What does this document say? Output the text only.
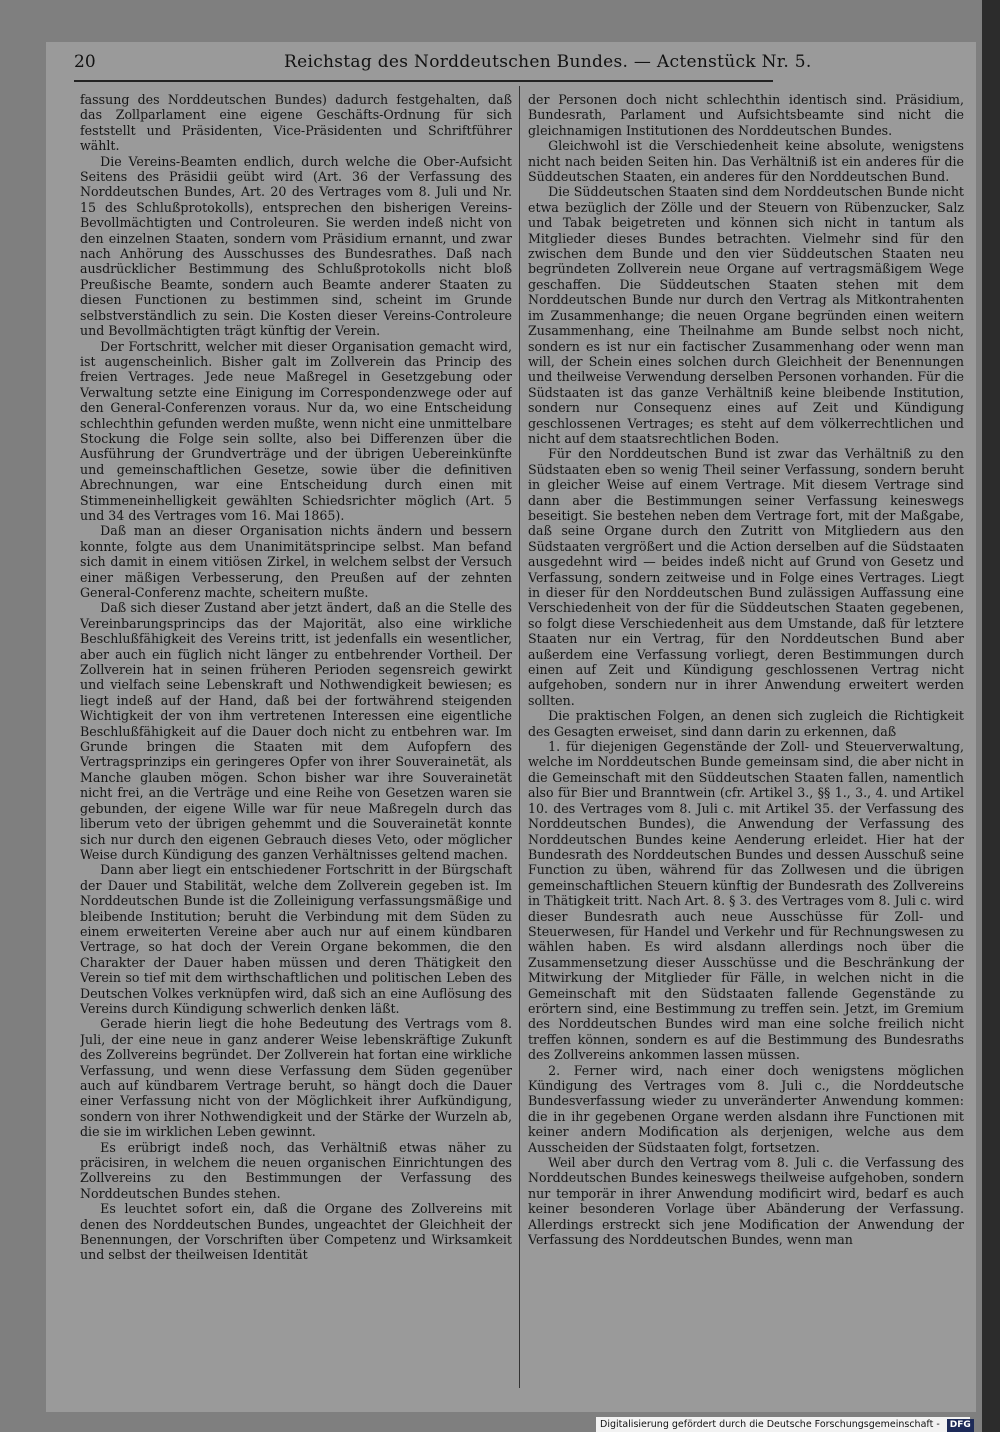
20	Reichstag des Norddeutschen Bundes. — Actenstück Nr. 5.

fassung des Norddeutschen Bundes) dadurch festgehalten, daß das Zollparlament eine eigene Geschäfts-Ordnung für sich feststellt und Präsidenten, Vice-Präsidenten und Schriftführer wählt.

Die Vereins-Beamten endlich, durch welche die Ober-Aufsicht Seitens des Präsidii geübt wird (Art. 36 der Verfassung des Norddeutschen Bundes, Art. 20 des Vertrages vom 8. Juli und Nr. 15 des Schlußprotokolls), entsprechen den bisherigen Vereins-Bevollmächtigten und Controleuren. Sie werden indeß nicht von den einzelnen Staaten, sondern vom Präsidium ernannt, und zwar nach Anhörung des Ausschusses des Bundesrathes. Daß nach ausdrücklicher Bestimmung des Schlußprotokolls nicht bloß Preußische Beamte, sondern auch Beamte anderer Staaten zu diesen Functionen zu bestimmen sind, scheint im Grunde selbstverständlich zu sein. Die Kosten dieser Vereins-Controleure und Bevollmächtigten trägt künftig der Verein.

Der Fortschritt, welcher mit dieser Organisation gemacht wird, ist augenscheinlich. Bisher galt im Zollverein das Princip des freien Vertrages. Jede neue Maßregel in Gesetzgebung oder Verwaltung setzte eine Einigung im Correspondenzwege oder auf den General-Conferenzen voraus. Nur da, wo eine Entscheidung schlechthin gefunden werden mußte, wenn nicht eine unmittelbare Stockung die Folge sein sollte, also bei Differenzen über die Ausführung der Grundverträge und der übrigen Uebereinkünfte und gemeinschaftlichen Gesetze, sowie über die definitiven Abrechnungen, war eine Entscheidung durch einen mit Stimmeneinhelligkeit gewählten Schiedsrichter möglich (Art. 5 und 34 des Vertrages vom 16. Mai 1865).

Daß man an dieser Organisation nichts ändern und bessern konnte, folgte aus dem Unanimitätsprincipe selbst. Man befand sich damit in einem vitiösen Zirkel, in welchem selbst der Versuch einer mäßigen Verbesserung, den Preußen auf der zehnten General-Conferenz machte, scheitern mußte.

Daß sich dieser Zustand aber jetzt ändert, daß an die Stelle des Vereinbarungsprincips das der Majorität, also eine wirkliche Beschlußfähigkeit des Vereins tritt, ist jedenfalls ein wesentlicher, aber auch ein füglich nicht länger zu entbehrender Vortheil. Der Zollverein hat in seinen früheren Perioden segensreich gewirkt und vielfach seine Lebenskraft und Nothwendigkeit bewiesen; es liegt indeß auf der Hand, daß bei der fortwährend steigenden Wichtigkeit der von ihm vertretenen Interessen eine eigentliche Beschlußfähigkeit auf die Dauer doch nicht zu entbehren war. Im Grunde bringen die Staaten mit dem Aufopfern des Vertragsprinzips ein geringeres Opfer von ihrer Souverainetät, als Manche glauben mögen. Schon bisher war ihre Souverainetät nicht frei, an die Verträge und eine Reihe von Gesetzen waren sie gebunden, der eigene Wille war für neue Maßregeln durch das liberum veto der übrigen gehemmt und die Souverainetät konnte sich nur durch den eigenen Gebrauch dieses Veto, oder möglicher Weise durch Kündigung des ganzen Verhältnisses geltend machen.

Dann aber liegt ein entschiedener Fortschritt in der Bürgschaft der Dauer und Stabilität, welche dem Zollverein gegeben ist. Im Norddeutschen Bunde ist die Zolleinigung verfassungsmäßige und bleibende Institution; beruht die Verbindung mit dem Süden zu einem erweiterten Vereine aber auch nur auf einem kündbaren Vertrage, so hat doch der Verein Organe bekommen, die den Charakter der Dauer haben müssen und deren Thätigkeit den Verein so tief mit dem wirthschaftlichen und politischen Leben des Deutschen Volkes verknüpfen wird, daß sich an eine Auflösung des Vereins durch Kündigung schwerlich denken läßt.

Gerade hierin liegt die hohe Bedeutung des Vertrags vom 8. Juli, der eine neue in ganz anderer Weise lebenskräftige Zukunft des Zollvereins begründet. Der Zollverein hat fortan eine wirkliche Verfassung, und wenn diese Verfassung dem Süden gegenüber auch auf kündbarem Vertrage beruht, so hängt doch die Dauer einer Verfassung nicht von der Möglichkeit ihrer Aufkündigung, sondern von ihrer Nothwendigkeit und der Stärke der Wurzeln ab, die sie im wirklichen Leben gewinnt.

Es erübrigt indeß noch, das Verhältniß etwas näher zu präcisiren, in welchem die neuen organischen Einrichtungen des Zollvereins zu den Bestimmungen der Verfassung des Norddeutschen Bundes stehen.

Es leuchtet sofort ein, daß die Organe des Zollvereins mit denen des Norddeutschen Bundes, ungeachtet der Gleichheit der Benennungen, der Vorschriften über Competenz und Wirksamkeit und selbst der theilweisen Identität

der Personen doch nicht schlechthin identisch sind. Präsidium, Bundesrath, Parlament und Aufsichtsbeamte sind nicht die gleichnamigen Institutionen des Norddeutschen Bundes.

Gleichwohl ist die Verschiedenheit keine absolute, wenigstens nicht nach beiden Seiten hin. Das Verhältniß ist ein anderes für die Süddeutschen Staaten, ein anderes für den Norddeutschen Bund.

Die Süddeutschen Staaten sind dem Norddeutschen Bunde nicht etwa bezüglich der Zölle und der Steuern von Rübenzucker, Salz und Tabak beigetreten und können sich nicht in tantum als Mitglieder dieses Bundes betrachten. Vielmehr sind für den zwischen dem Bunde und den vier Süddeutschen Staaten neu begründeten Zollverein neue Organe auf vertragsmäßigem Wege geschaffen. Die Süddeutschen Staaten stehen mit dem Norddeutschen Bunde nur durch den Vertrag als Mitkontrahenten im Zusammenhange; die neuen Organe begründen einen weitern Zusammenhang, eine Theilnahme am Bunde selbst noch nicht, sondern es ist nur ein factischer Zusammenhang oder wenn man will, der Schein eines solchen durch Gleichheit der Benennungen und theilweise Verwendung derselben Personen vorhanden. Für die Südstaaten ist das ganze Verhältniß keine bleibende Institution, sondern nur Consequenz eines auf Zeit und Kündigung geschlossenen Vertrages; es steht auf dem völkerrechtlichen und nicht auf dem staatsrechtlichen Boden.

Für den Norddeutschen Bund ist zwar das Verhältniß zu den Südstaaten eben so wenig Theil seiner Verfassung, sondern beruht in gleicher Weise auf einem Vertrage. Mit diesem Vertrage sind dann aber die Bestimmungen seiner Verfassung keineswegs beseitigt. Sie bestehen neben dem Vertrage fort, mit der Maßgabe, daß seine Organe durch den Zutritt von Mitgliedern aus den Südstaaten vergrößert und die Action derselben auf die Südstaaten ausgedehnt wird — beides indeß nicht auf Grund von Gesetz und Verfassung, sondern zeitweise und in Folge eines Vertrages. Liegt in dieser für den Norddeutschen Bund zulässigen Auffassung eine Verschiedenheit von der für die Süddeutschen Staaten gegebenen, so folgt diese Verschiedenheit aus dem Umstande, daß für letztere Staaten nur ein Vertrag, für den Norddeutschen Bund aber außerdem eine Verfassung vorliegt, deren Bestimmungen durch einen auf Zeit und Kündigung geschlossenen Vertrag nicht aufgehoben, sondern nur in ihrer Anwendung erweitert werden sollten.

Die praktischen Folgen, an denen sich zugleich die Richtigkeit des Gesagten erweiset, sind dann darin zu erkennen, daß

1. für diejenigen Gegenstände der Zoll- und Steuerverwaltung, welche im Norddeutschen Bunde gemeinsam sind, die aber nicht in die Gemeinschaft mit den Süddeutschen Staaten fallen, namentlich also für Bier und Branntwein (cfr. Artikel 3., §§ 1., 3., 4. und Artikel 10. des Vertrages vom 8. Juli c. mit Artikel 35. der Verfassung des Norddeutschen Bundes), die Anwendung der Verfassung des Norddeutschen Bundes keine Aenderung erleidet. Hier hat der Bundesrath des Norddeutschen Bundes und dessen Ausschuß seine Function zu üben, während für das Zollwesen und die übrigen gemeinschaftlichen Steuern künftig der Bundesrath des Zollvereins in Thätigkeit tritt. Nach Art. 8. § 3. des Vertrages vom 8. Juli c. wird dieser Bundesrath auch neue Ausschüsse für Zoll- und Steuerwesen, für Handel und Verkehr und für Rechnungswesen zu wählen haben. Es wird alsdann allerdings noch über die Zusammensetzung dieser Ausschüsse und die Beschränkung der Mitwirkung der Mitglieder für Fälle, in welchen nicht in die Gemeinschaft mit den Südstaaten fallende Gegenstände zu erörtern sind, eine Bestimmung zu treffen sein. Jetzt, im Gremium des Norddeutschen Bundes wird man eine solche freilich nicht treffen können, sondern es auf die Bestimmung des Bundesraths des Zollvereins ankommen lassen müssen.

2. Ferner wird, nach einer doch wenigstens möglichen Kündigung des Vertrages vom 8. Juli c., die Norddeutsche Bundesverfassung wieder zu unveränderter Anwendung kommen: die in ihr gegebenen Organe werden alsdann ihre Functionen mit keiner andern Modification als derjenigen, welche aus dem Ausscheiden der Südstaaten folgt, fortsetzen.

Weil aber durch den Vertrag vom 8. Juli c. die Verfassung des Norddeutschen Bundes keineswegs theilweise aufgehoben, sondern nur temporär in ihrer Anwendung modificirt wird, bedarf es auch keiner besonderen Vorlage über Abänderung der Verfassung. Allerdings erstreckt sich jene Modification der Anwendung der Verfassung des Norddeutschen Bundes, wenn man

Digitalisierung gefördert durch die Deutsche Forschungsgemeinschaft - DFG
